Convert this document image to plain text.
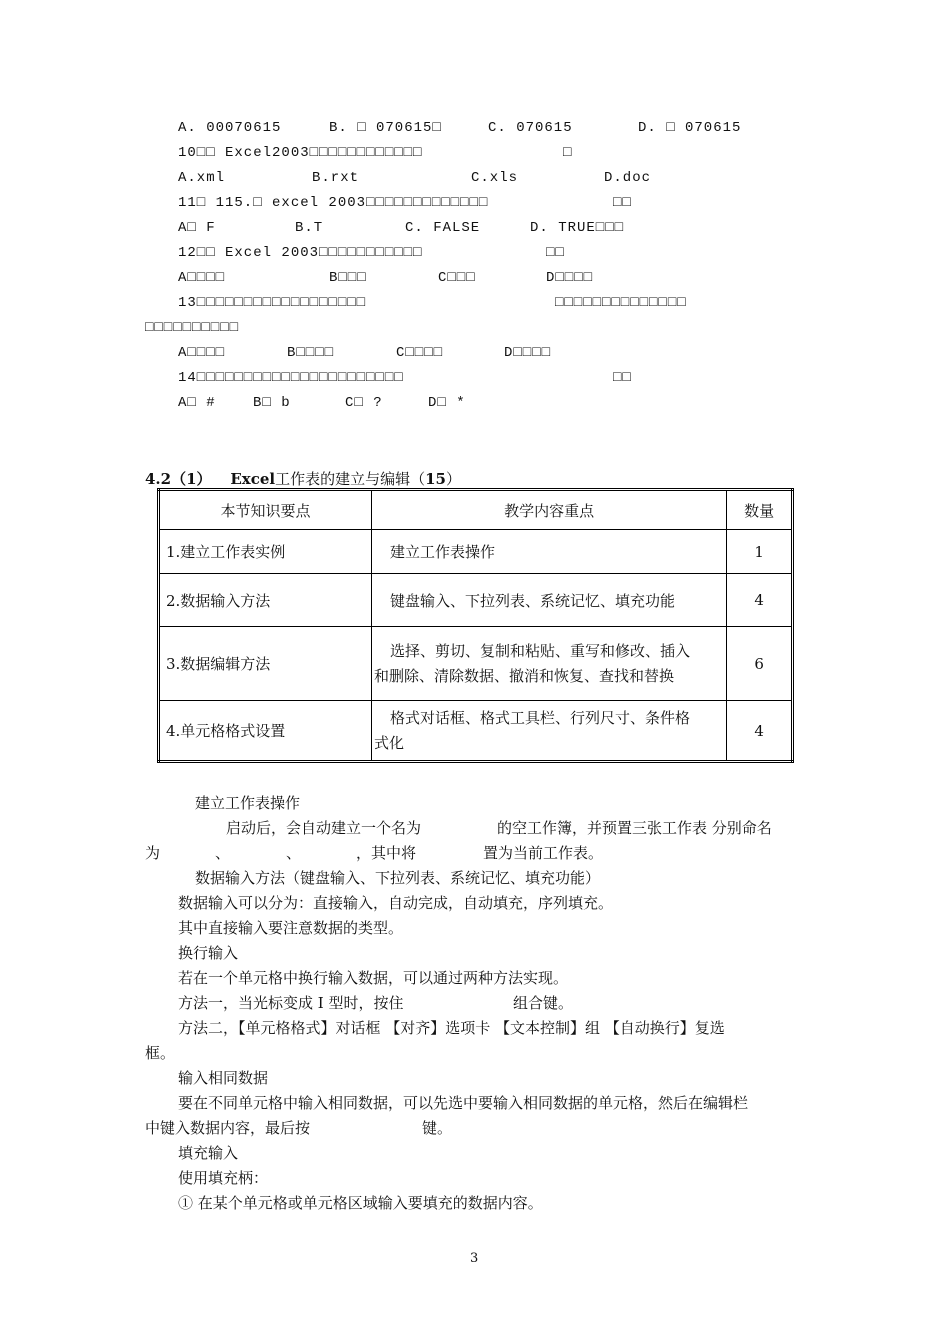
A. 00070615	B. □ 070615□	C. 070615	D. □ 070615
10□□ Excel2003□□□□□□□□□□□□	□
A.xml	B.rxt	C.xls	D.doc
11□ 115.□ excel 2003□□□□□□□□□□□□□	□□
A□ F	B.T	C. FALSE	D. TRUE□□□
12□□ Excel 2003□□□□□□□□□□□	□□
A□□□□	B□□□	C□□□	D□□□□
13□□□□□□□□□□□□□□□□□□	□□□□□□□□□□□□□□
□□□□□□□□□□
A□□□□	B□□□□	C□□□□	D□□□□
14□□□□□□□□□□□□□□□□□□□□□□	□□
A□ #	B□ b	C□ ?	D□ *
4.2（1） Excel工作表的建立与编辑（15）
本节知识要点	教学内容重点	数量
1.建立工作表实例	建立工作表操作	1
2.数据输入方法	键盘输入、下拉列表、系统记忆、填充功能	4
3.数据编辑方法	选择、剪切、复制和粘贴、重写和修改、插入
和删除、清除数据、撤消和恢复、查找和替换	6
4.单元格格式设置	格式对话框、格式工具栏、行列尺寸、条件格
式化	4
建立工作表操作
启动后，会自动建立一个名为	的空工作簿，并预置三张工作表 分别命名
为	、	、	，其中将	置为当前工作表。
数据输入方法（键盘输入、下拉列表、系统记忆、填充功能）
数据输入可以分为：直接输入，自动完成，自动填充，序列填充。
其中直接输入要注意数据的类型。
换行输入
若在一个单元格中换行输入数据，可以通过两种方法实现。
方法一，当光标变成 I 型时，按住	组合键。
方法二，【单元格格式】对话框 【对齐】选项卡 【文本控制】组 【自动换行】复选
框。
输入相同数据
要在不同单元格中输入相同数据，可以先选中要输入相同数据的单元格，然后在编辑栏
中键入数据内容，最后按	键。
填充输入
使用填充柄：
① 在某个单元格或单元格区域输入要填充的数据内容。
3
